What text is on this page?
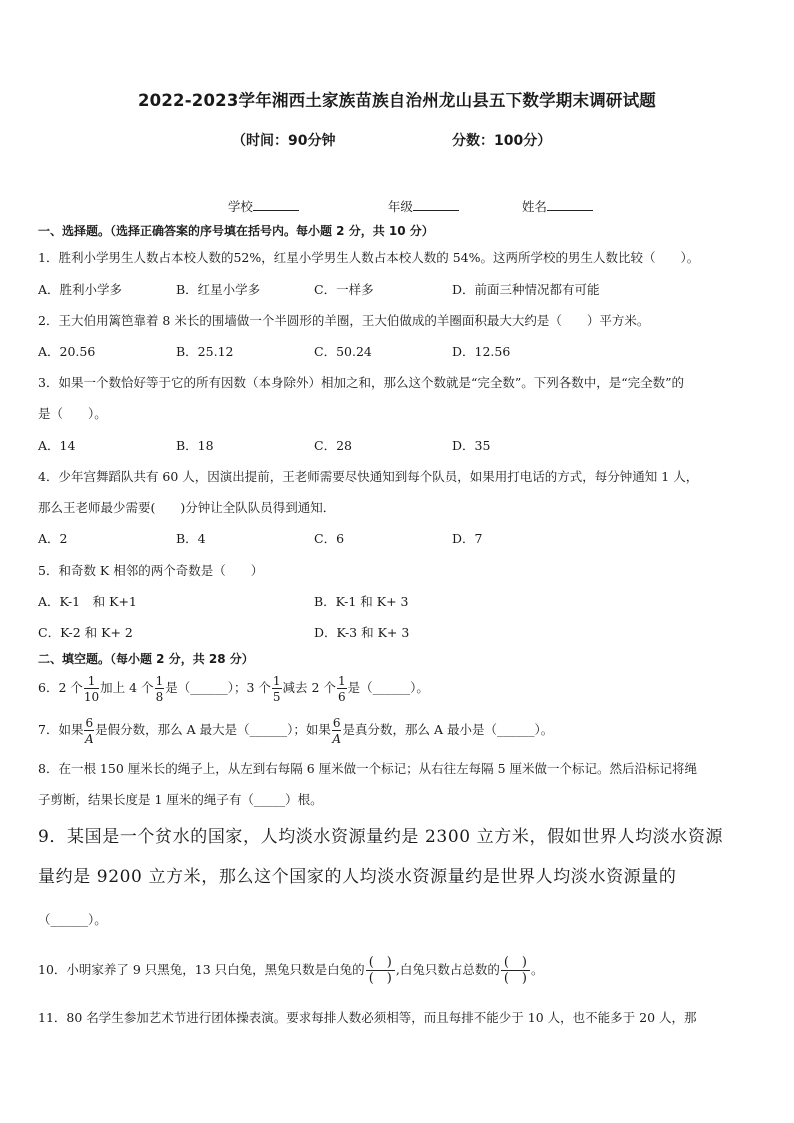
2022-2023学年湘西土家族苗族自治州龙山县五下数学期末调研试题
（时间：90分钟	分数：100分）

学校
	年级
	姓名

一、选择题。（选择正确答案的序号填在括号内。每小题 2 分，共 10 分）
1．胜利小学男生人数占本校人数的52%，红星小学男生人数占本校人数的 54%。这两所学校的男生人数比较（　　）。
A．胜利小学多	B．红星小学多	C．一样多	D．前面三种情况都有可能
2．王大伯用篱笆靠着 8 米长的围墙做一个半圆形的羊圈，王大伯做成的羊圈面积最大大约是（　　）平方米。
A．20.56	B．25.12	C．50.24	D．12.56
3．如果一个数恰好等于它的所有因数（本身除外）相加之和，那么这个数就是“完全数”。下列各数中，是“完全数”的
是（　　）。
A．14	B．18	C．28	D．35
4．少年宫舞蹈队共有 60 人，因演出提前，王老师需要尽快通知到每个队员，如果用打电话的方式，每分钟通知 1 人，
那么王老师最少需要(　　)分钟让全队队员得到通知．
A．2	B．4	C．6	D．7
5．和奇数 K 相邻的两个奇数是（　　）
A．K-1　和 K+1	B．K-1 和 K+ 3
C．K-2 和 K+ 2	D．K-3 和 K+ 3
二、填空题。（每小题 2 分，共 28 分）
6．2 个 $\frac{1}{10}$ 加上 4 个 $\frac{1}{8}$ 是（______）；3 个 $\frac{1}{5}$ 减去 2 个 $\frac{1}{6}$ 是（______）。
7．如果 $\frac{6}{A}$ 是假分数，那么 A 最大是（______）；如果 $\frac{6}{A}$ 是真分数，那么 A 最小是（______）。
8．在一根 150 厘米长的绳子上，从左到右每隔 6 厘米做一个标记；从右往左每隔 5 厘米做一个标记。然后沿标记将绳
子剪断，结果长度是 1 厘米的绳子有（_____）根。
9．某国是一个贫水的国家，人均淡水资源量约是 2300 立方米，假如世界人均淡水资源
量约是 9200 立方米，那么这个国家的人均淡水资源量约是世界人均淡水资源量的
（______）。
10．小明家养了 9 只黑兔，13 只白兔，黑兔只数是白兔的 $\frac{( )}{( )}$ ,白兔只数占总数的 $\frac{( )}{( )}$ 。
11．80 名学生参加艺术节进行团体操表演。要求每排人数必须相等，而且每排不能少于 10 人，也不能多于 20 人，那
